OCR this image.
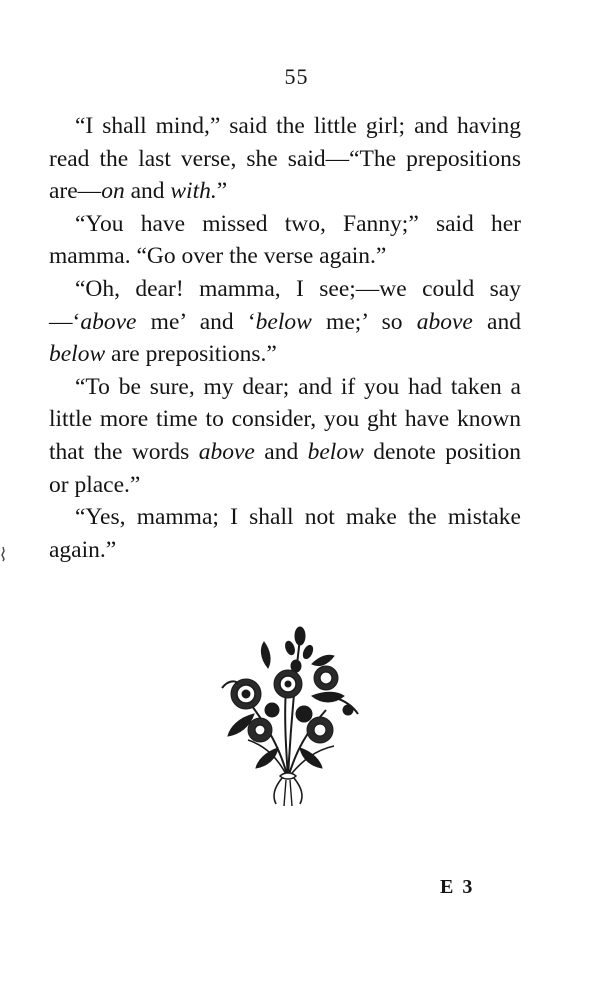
55

“I shall mind,” said the little girl; and having read the last verse, she said—“The prepositions are—on and with.”

“You have missed two, Fanny;” said her mamma. “Go over the verse again.”

“Oh, dear! mamma, I see;—we could say—‘above me’ and ‘below me;’ so above and below are prepositions.”

“To be sure, my dear; and if you had taken a little more time to consider, you ght have known that the words above and below denote position or place.”

“Yes, mamma; I shall not make the mistake again.”

E 3
